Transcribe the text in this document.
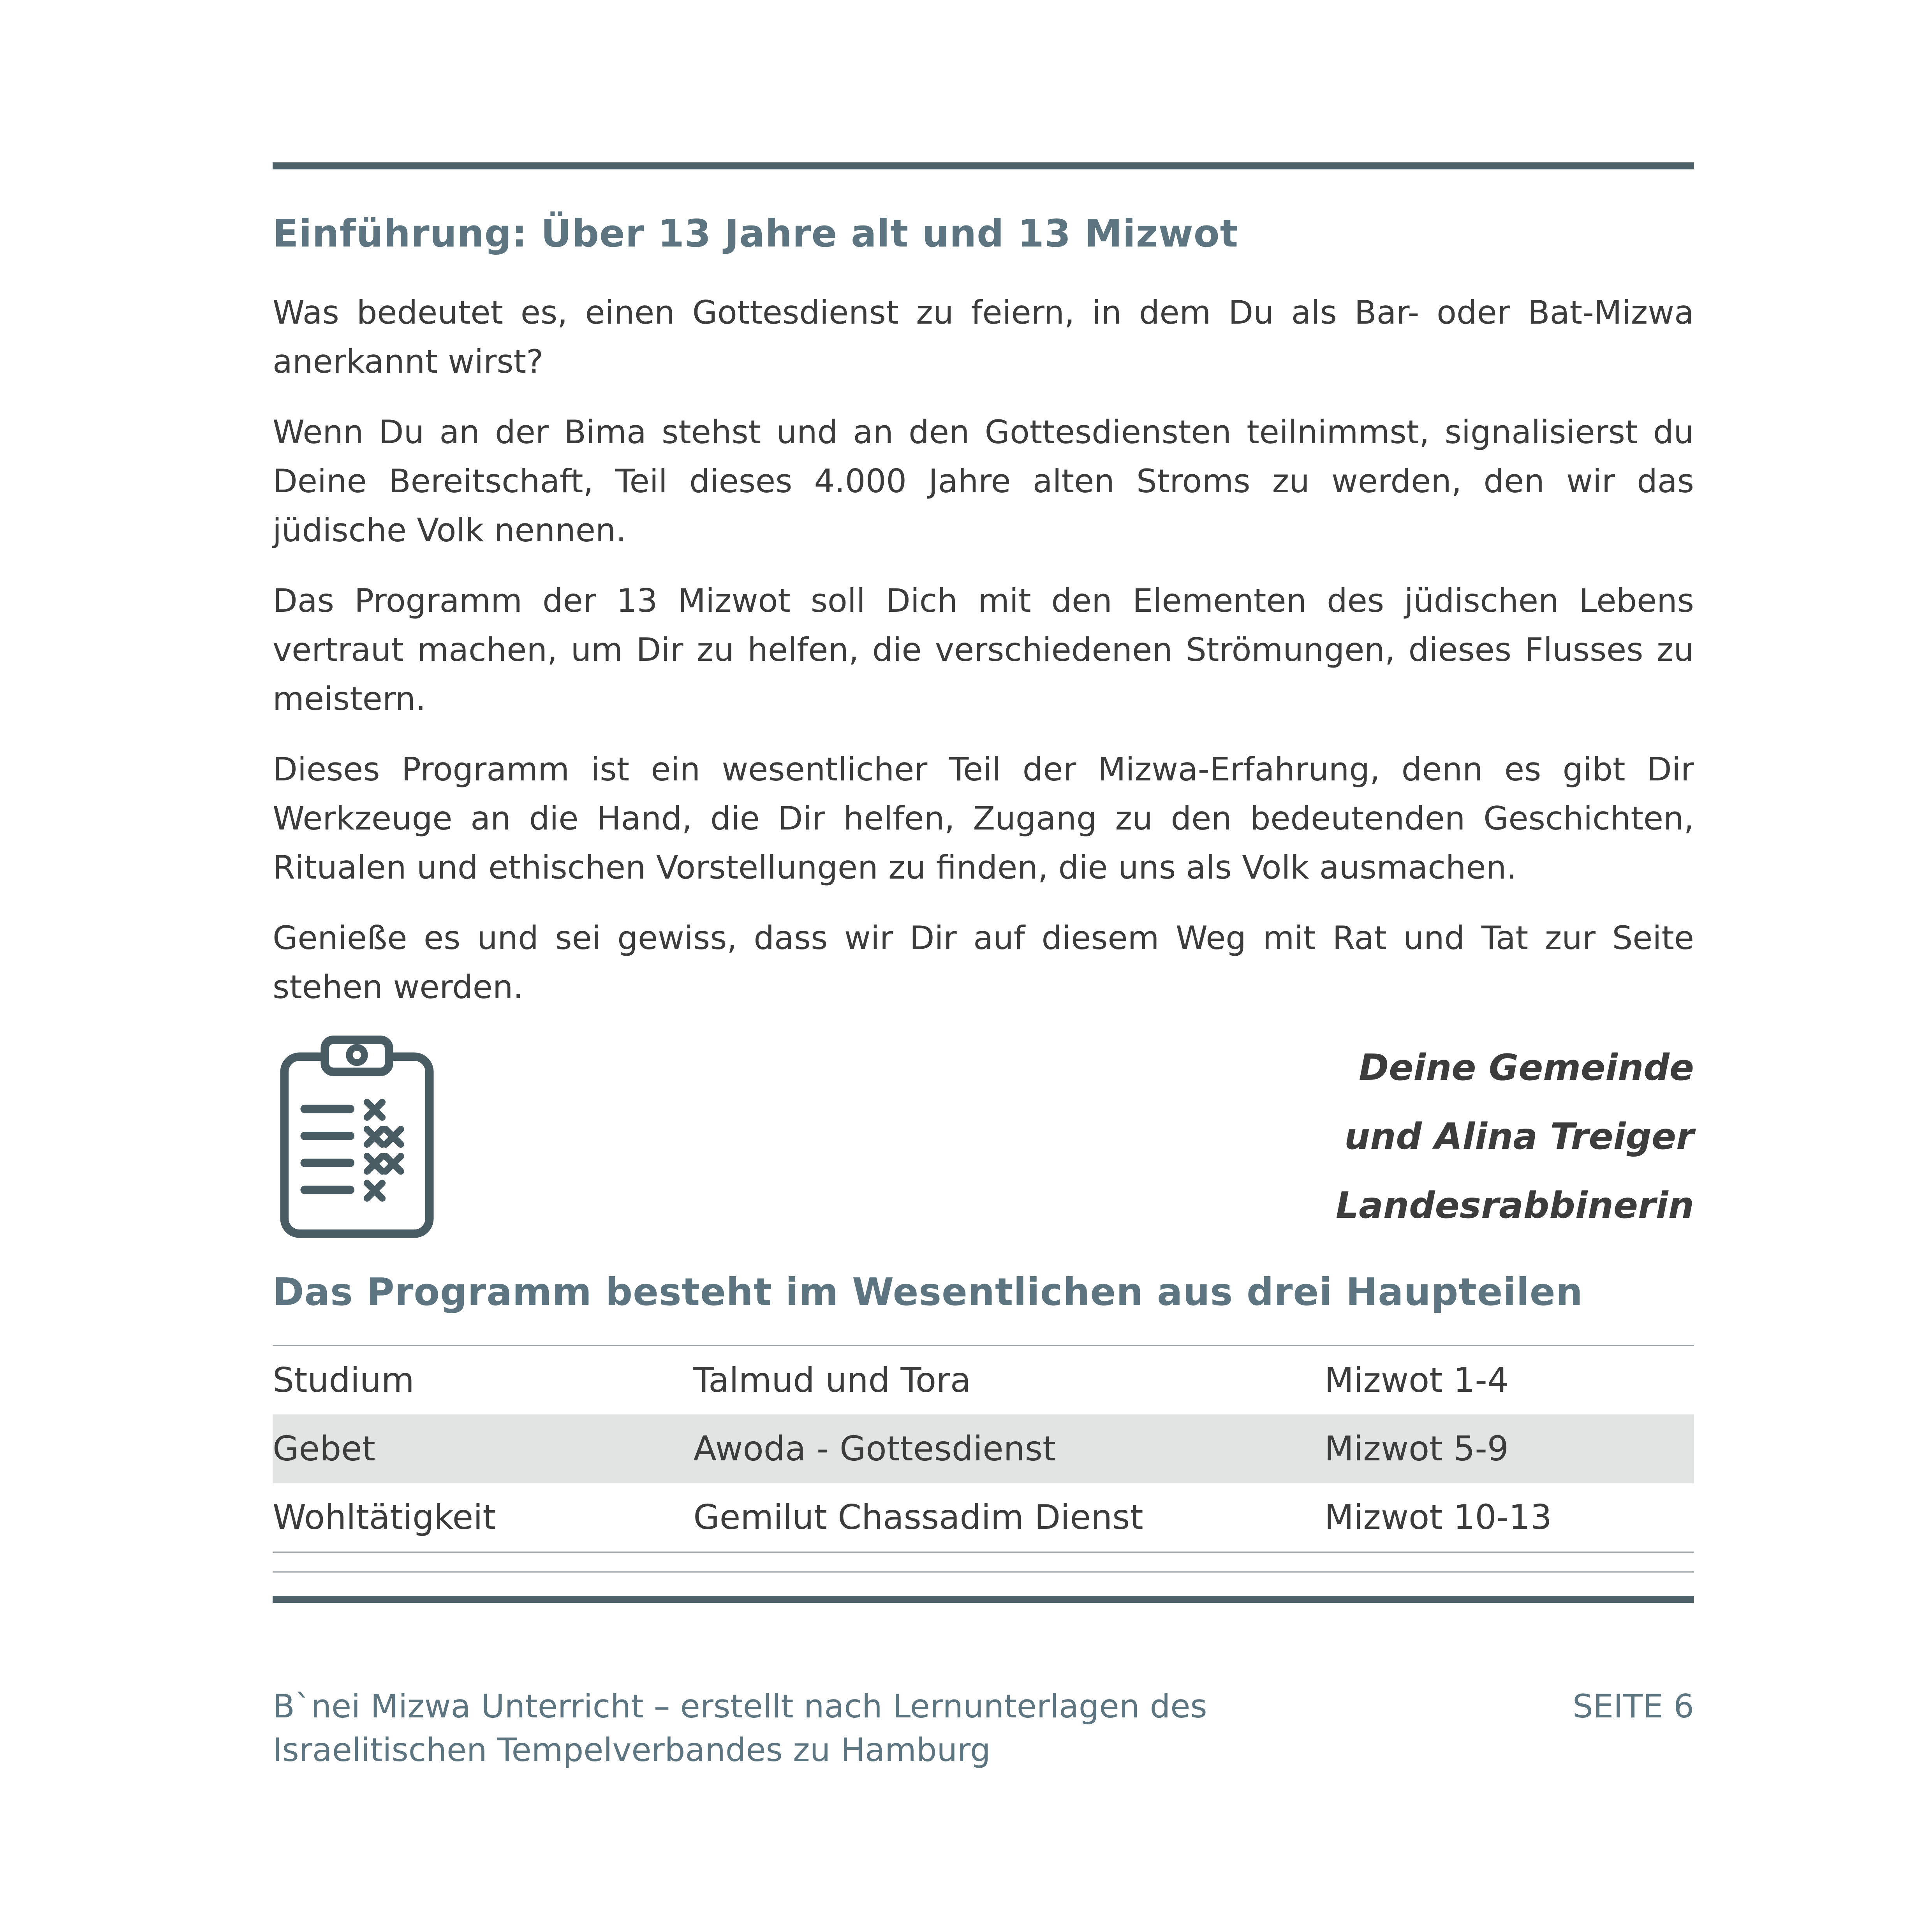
Einführung: Über 13 Jahre alt und 13 Mizwot

Was bedeutet es, einen Gottesdienst zu feiern, in dem Du als Bar- oder Bat-Mizwa anerkannt wirst?

Wenn Du an der Bima stehst und an den Gottesdiensten teilnimmst, signalisierst du Deine Bereitschaft, Teil dieses 4.000 Jahre alten Stroms zu werden, den wir das jüdische Volk nennen.

Das Programm der 13 Mizwot soll Dich mit den Elementen des jüdischen Lebens vertraut machen, um Dir zu helfen, die verschiedenen Strömungen, dieses Flusses zu meistern.

Dieses Programm ist ein wesentlicher Teil der Mizwa-Erfahrung, denn es gibt Dir Werkzeuge an die Hand, die Dir helfen, Zugang zu den bedeutenden Geschichten, Ritualen und ethischen Vorstellungen zu finden, die uns als Volk ausmachen.

Genieße es und sei gewiss, dass wir Dir auf diesem Weg mit Rat und Tat zur Seite stehen werden.

Deine Gemeinde
und Alina Treiger
Landesrabbinerin
Das Programm besteht im Wesentlichen aus drei Haupteilen
Studium	Talmud und Tora	Mizwot 1-4
Gebet	Awoda - Gottesdienst	Mizwot 5-9
Wohltätigkeit	Gemilut Chassadim Dienst	Mizwot 10-13
B`nei Mizwa Unterricht – erstellt nach Lernunterlagen des
Israelitischen Tempelverbandes zu Hamburg
SEITE 6
